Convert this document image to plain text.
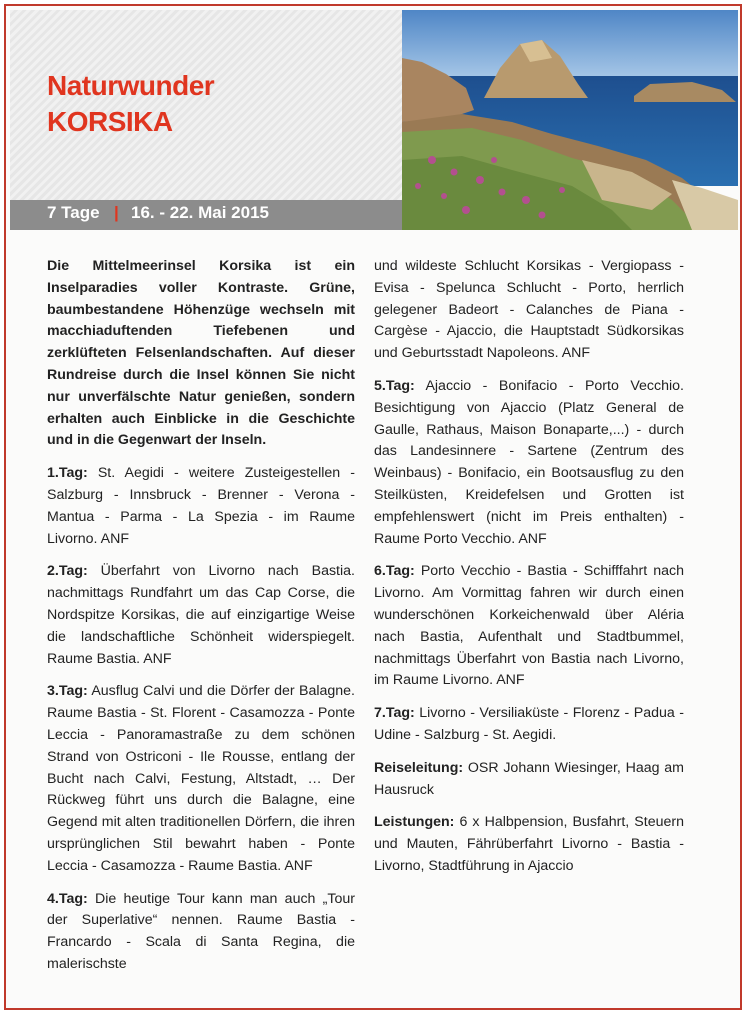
Naturwunder
KORSIKA
7 Tage | 16. - 22. Mai 2015

Die Mittelmeerinsel Korsika ist ein Inselparadies voller Kontraste. Grüne, baumbestandene Höhenzüge wechseln mit macchiaduftenden Tiefebenen und zerklüfteten Felsenlandschaften. Auf dieser Rundreise durch die Insel können Sie nicht nur unverfälschte Natur genießen, sondern erhalten auch Einblicke in die Geschichte und in die Gegenwart der Inseln.

1.Tag: St. Aegidi - weitere Zusteigestellen - Salzburg - Innsbruck - Brenner - Verona - Mantua - Parma - La Spezia - im Raume Livorno. ANF

2.Tag: Überfahrt von Livorno nach Bastia. nachmittags Rundfahrt um das Cap Corse, die Nordspitze Korsikas, die auf einzigartige Weise die landschaftliche Schönheit widerspiegelt. Raume Bastia. ANF

3.Tag: Ausflug Calvi und die Dörfer der Balagne. Raume Bastia - St. Florent - Casamozza - Ponte Leccia - Panoramastraße zu dem schönen Strand von Ostriconi - Ile Rousse, entlang der Bucht nach Calvi, Festung, Altstadt, … Der Rückweg führt uns durch die Balagne, eine Gegend mit alten traditionellen Dörfern, die ihren ursprünglichen Stil bewahrt haben - Ponte Leccia - Casamozza - Raume Bastia. ANF

4.Tag: Die heutige Tour kann man auch „Tour der Superlative“ nennen. Raume Bastia - Francardo - Scala di Santa Regina, die malerischste

und wildeste Schlucht Korsikas - Vergiopass - Evisa - Spelunca Schlucht - Porto, herrlich gelegener Badeort - Calanches de Piana - Cargèse - Ajaccio, die Hauptstadt Südkorsikas und Geburtsstadt Napoleons. ANF

5.Tag: Ajaccio - Bonifacio - Porto Vecchio. Besichtigung von Ajaccio (Platz General de Gaulle, Rathaus, Maison Bonaparte,...) - durch das Landesinnere - Sartene (Zentrum des Weinbaus) - Bonifacio, ein Bootsausflug zu den Steilküsten, Kreidefelsen und Grotten ist empfehlenswert (nicht im Preis enthalten) - Raume Porto Vecchio. ANF

6.Tag: Porto Vecchio - Bastia - Schifffahrt nach Livorno. Am Vormittag fahren wir durch einen wunderschönen Korkeichenwald über Aléria nach Bastia, Aufenthalt und Stadtbummel, nachmittags Überfahrt von Bastia nach Livorno, im Raume Livorno. ANF

7.Tag: Livorno - Versiliaküste - Florenz - Padua - Udine - Salzburg - St. Aegidi.

Reiseleitung: OSR Johann Wiesinger, Haag am Hausruck

Leistungen: 6 x Halbpension, Busfahrt, Steuern und Mauten, Fährüberfahrt Livorno - Bastia - Livorno, Stadtführung in Ajaccio
